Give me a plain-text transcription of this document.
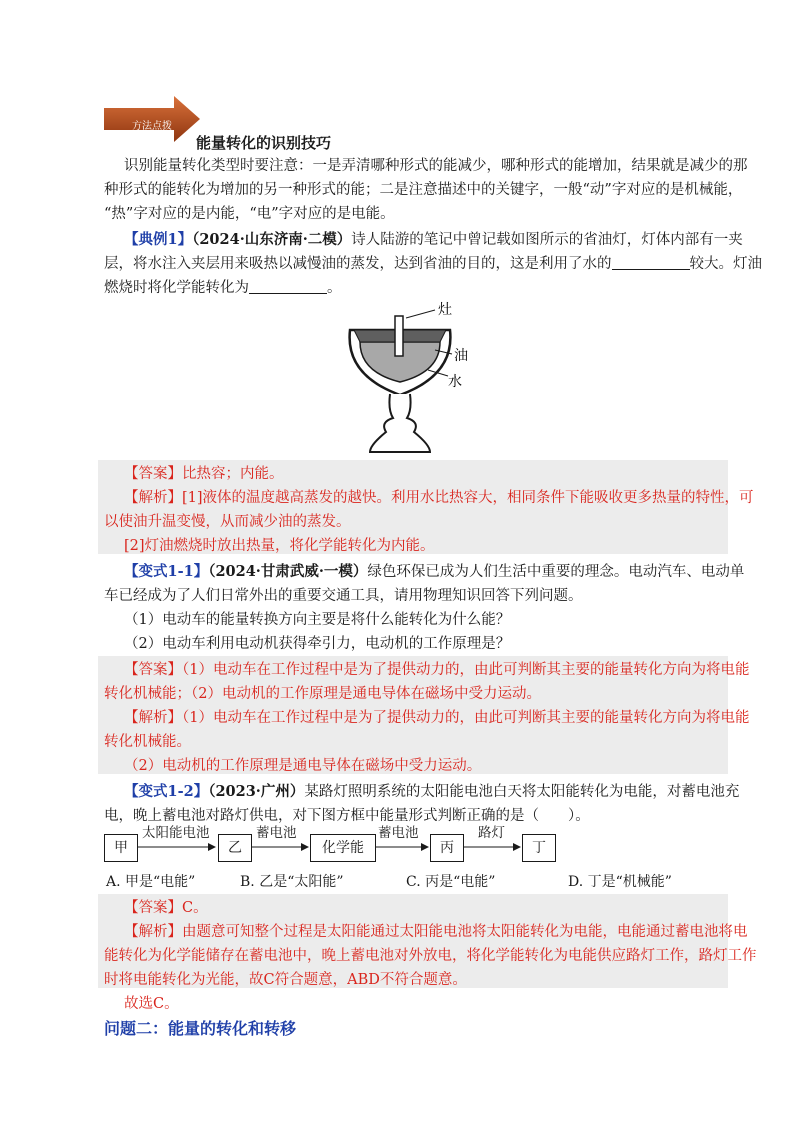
方法点拨
能量转化的识别技巧
识别能量转化类型时要注意：一是弄清哪种形式的能减少，哪种形式的能增加，结果就是减少的那
种形式的能转化为增加的另一种形式的能；二是注意描述中的关键字，一般“动”字对应的是机械能，
“热”字对应的是内能，“电”字对应的是电能。
【典例1】（2024·山东济南·二模）诗人陆游的笔记中曾记载如图所示的省油灯，灯体内部有一夹
层，将水注入夹层用来吸热以减慢油的蒸发，达到省油的目的，这是利用了水的	较大。灯油
燃烧时将化学能转化为	。
灶
油
水
【答案】比热容；内能。
【解析】[1]液体的温度越高蒸发的越快。利用水比热容大，相同条件下能吸收更多热量的特性，可
以使油升温变慢，从而减少油的蒸发。
[2]灯油燃烧时放出热量，将化学能转化为内能。
【变式1-1】（2024·甘肃武威·一模）绿色环保已成为人们生活中重要的理念。电动汽车、电动单
车已经成为了人们日常外出的重要交通工具，请用物理知识回答下列问题。
（1）电动车的能量转换方向主要是将什么能转化为什么能？
（2）电动车利用电动机获得牵引力，电动机的工作原理是？
【答案】（1）电动车在工作过程中是为了提供动力的，由此可判断其主要的能量转化方向为将电能
转化机械能；（2）电动机的工作原理是通电导体在磁场中受力运动。
【解析】（1）电动车在工作过程中是为了提供动力的，由此可判断其主要的能量转化方向为将电能
转化机械能。
（2）电动机的工作原理是通电导体在磁场中受力运动。
【变式1-2】（2023·广州）某路灯照明系统的太阳能电池白天将太阳能转化为电能，对蓄电池充
电，晚上蓄电池对路灯供电，对下图方框中能量形式判断正确的是（　　）。
甲	乙	化学能	丙	丁
太阳能电池	蓄电池	蓄电池	路灯
A. 甲是“电能”	B. 乙是“太阳能”	C. 丙是“电能”	D. 丁是“机械能”
【答案】C。
【解析】由题意可知整个过程是太阳能通过太阳能电池将太阳能转化为电能，电能通过蓄电池将电
能转化为化学能储存在蓄电池中，晚上蓄电池对外放电，将化学能转化为电能供应路灯工作，路灯工作
时将电能转化为光能，故C符合题意，ABD不符合题意。
故选C。
问题二：能量的转化和转移
